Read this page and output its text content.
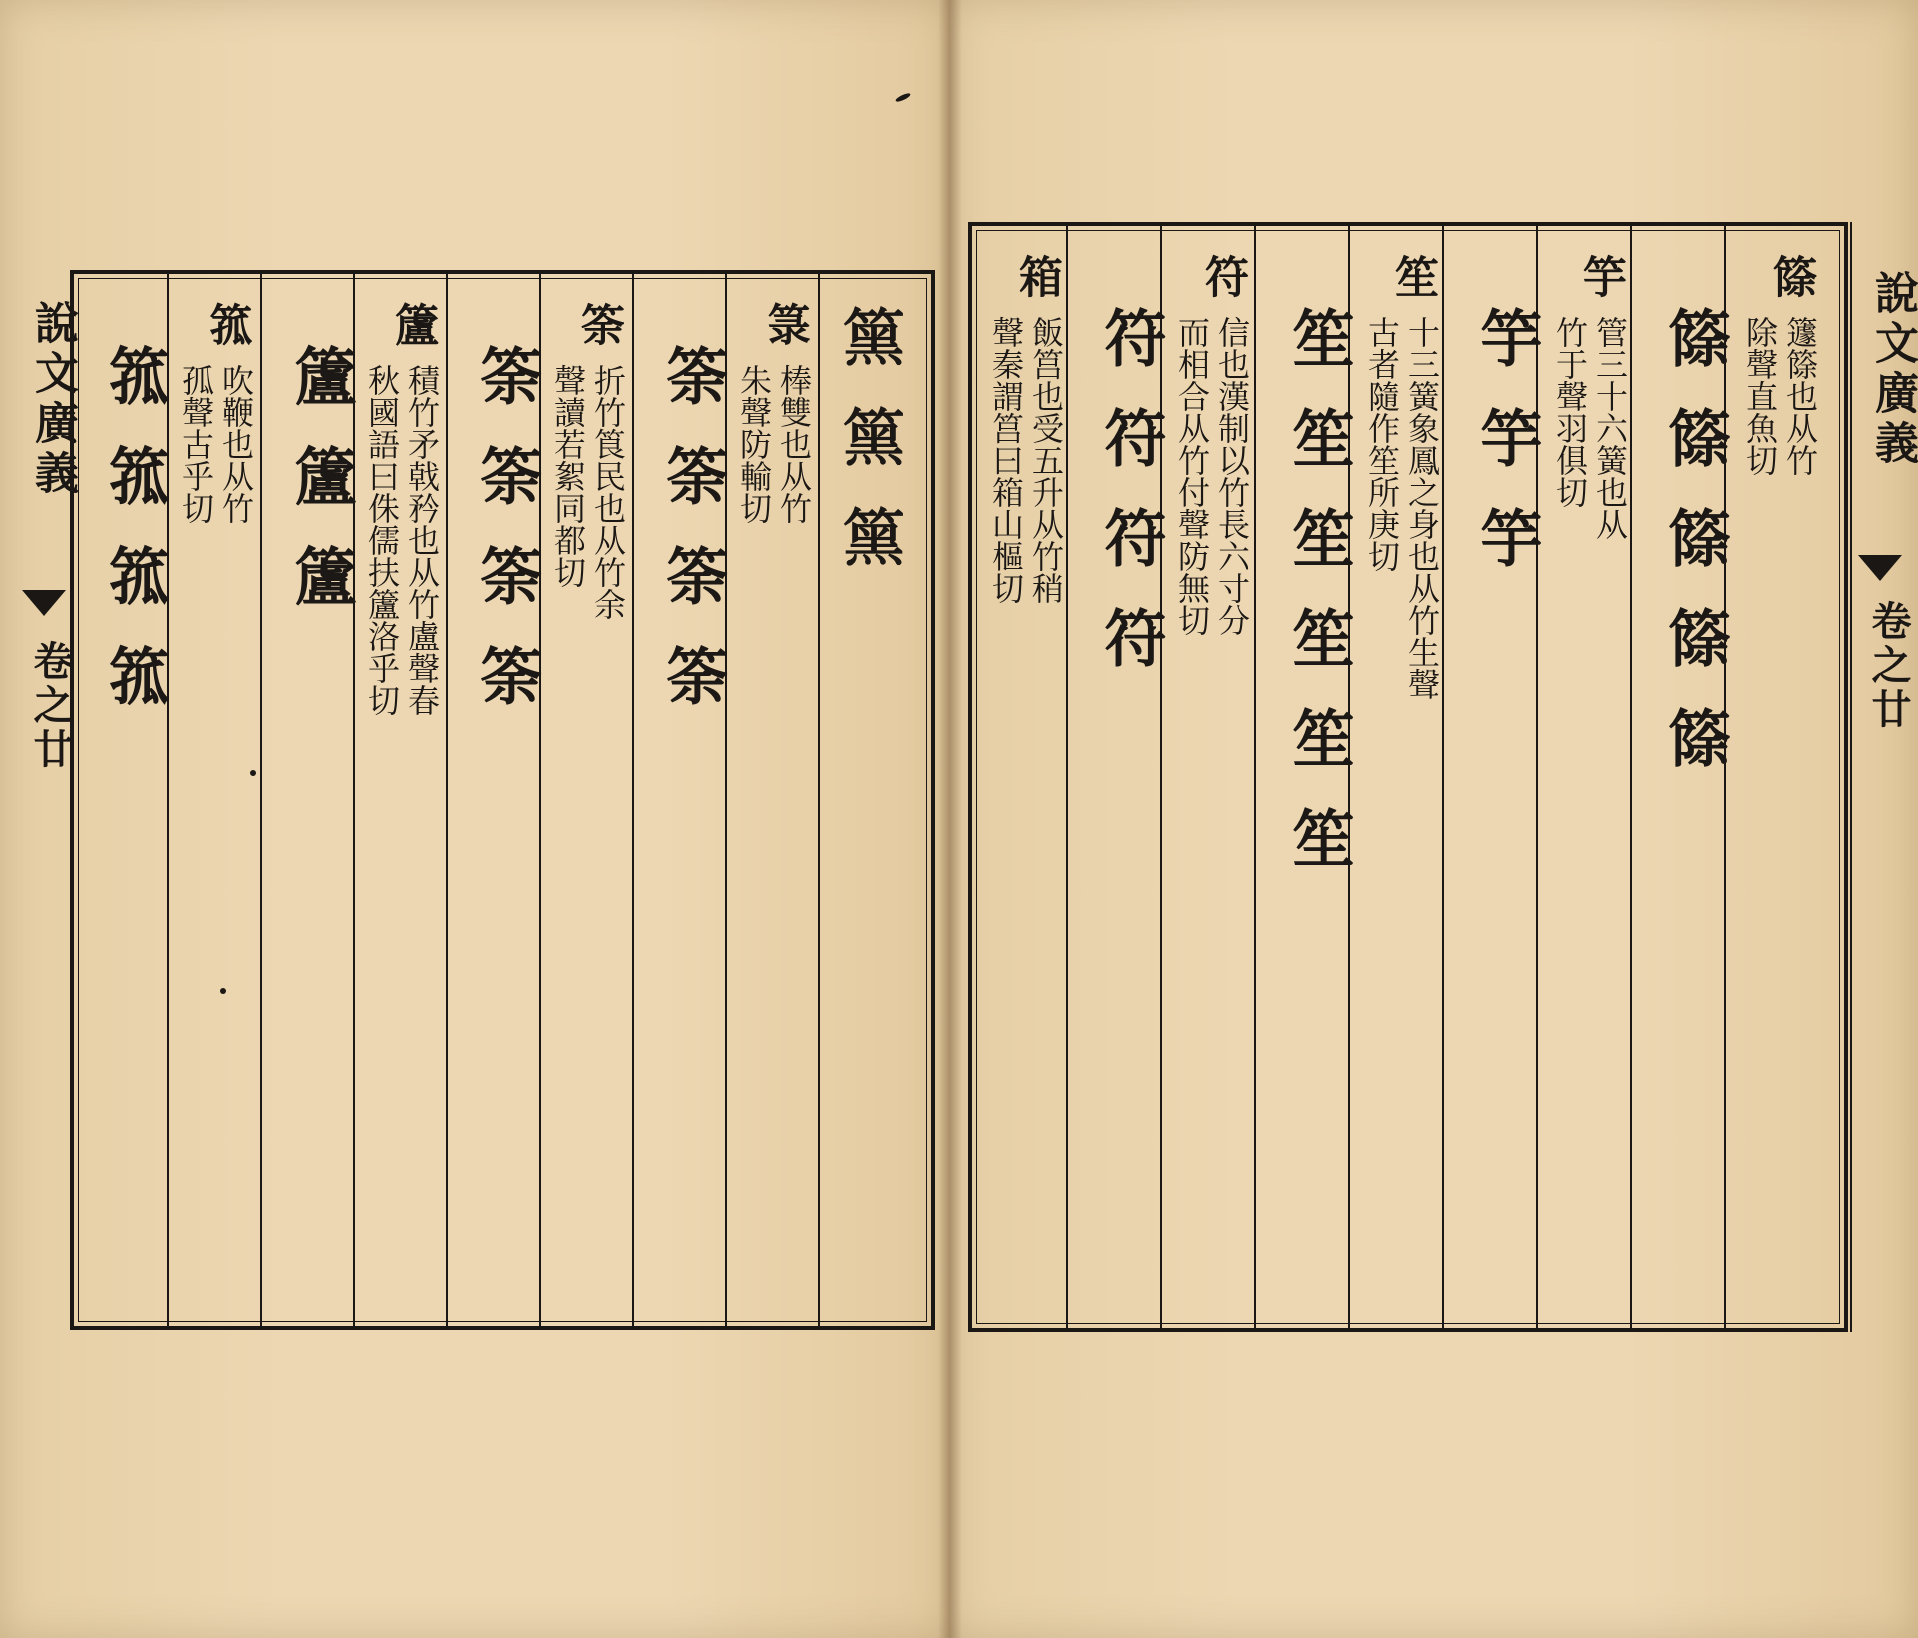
說文廣義
卷之廿
𥳬𥳬𥳬
箓
棒雙也从竹
朱聲防輸切
筡筡筡筡
筡
折竹筤民也从竹余
聲讀若絮同都切
筡筡筡筡
籚
積竹矛戟矜也从竹盧聲春
秋國語曰侏儒扶籚洛乎切
籚籚籚
箛
吹鞭也从竹
孤聲古乎切
箛箛箛箛
篨
籧篨也从竹
除聲直魚切
篨篨篨篨篨
竽
管三十六簧也从
竹于聲羽俱切
竽竽竽
笙
十三簧象鳳之身也从竹生聲
古者隨作笙所庚切
笙笙笙笙笙笙
符
信也漢制以竹長六寸分
而相合从竹付聲防無切
符符符符
箱
飯筥也受五升从竹稍
聲秦謂筥曰箱山樞切	說文廣義
卷之廿
